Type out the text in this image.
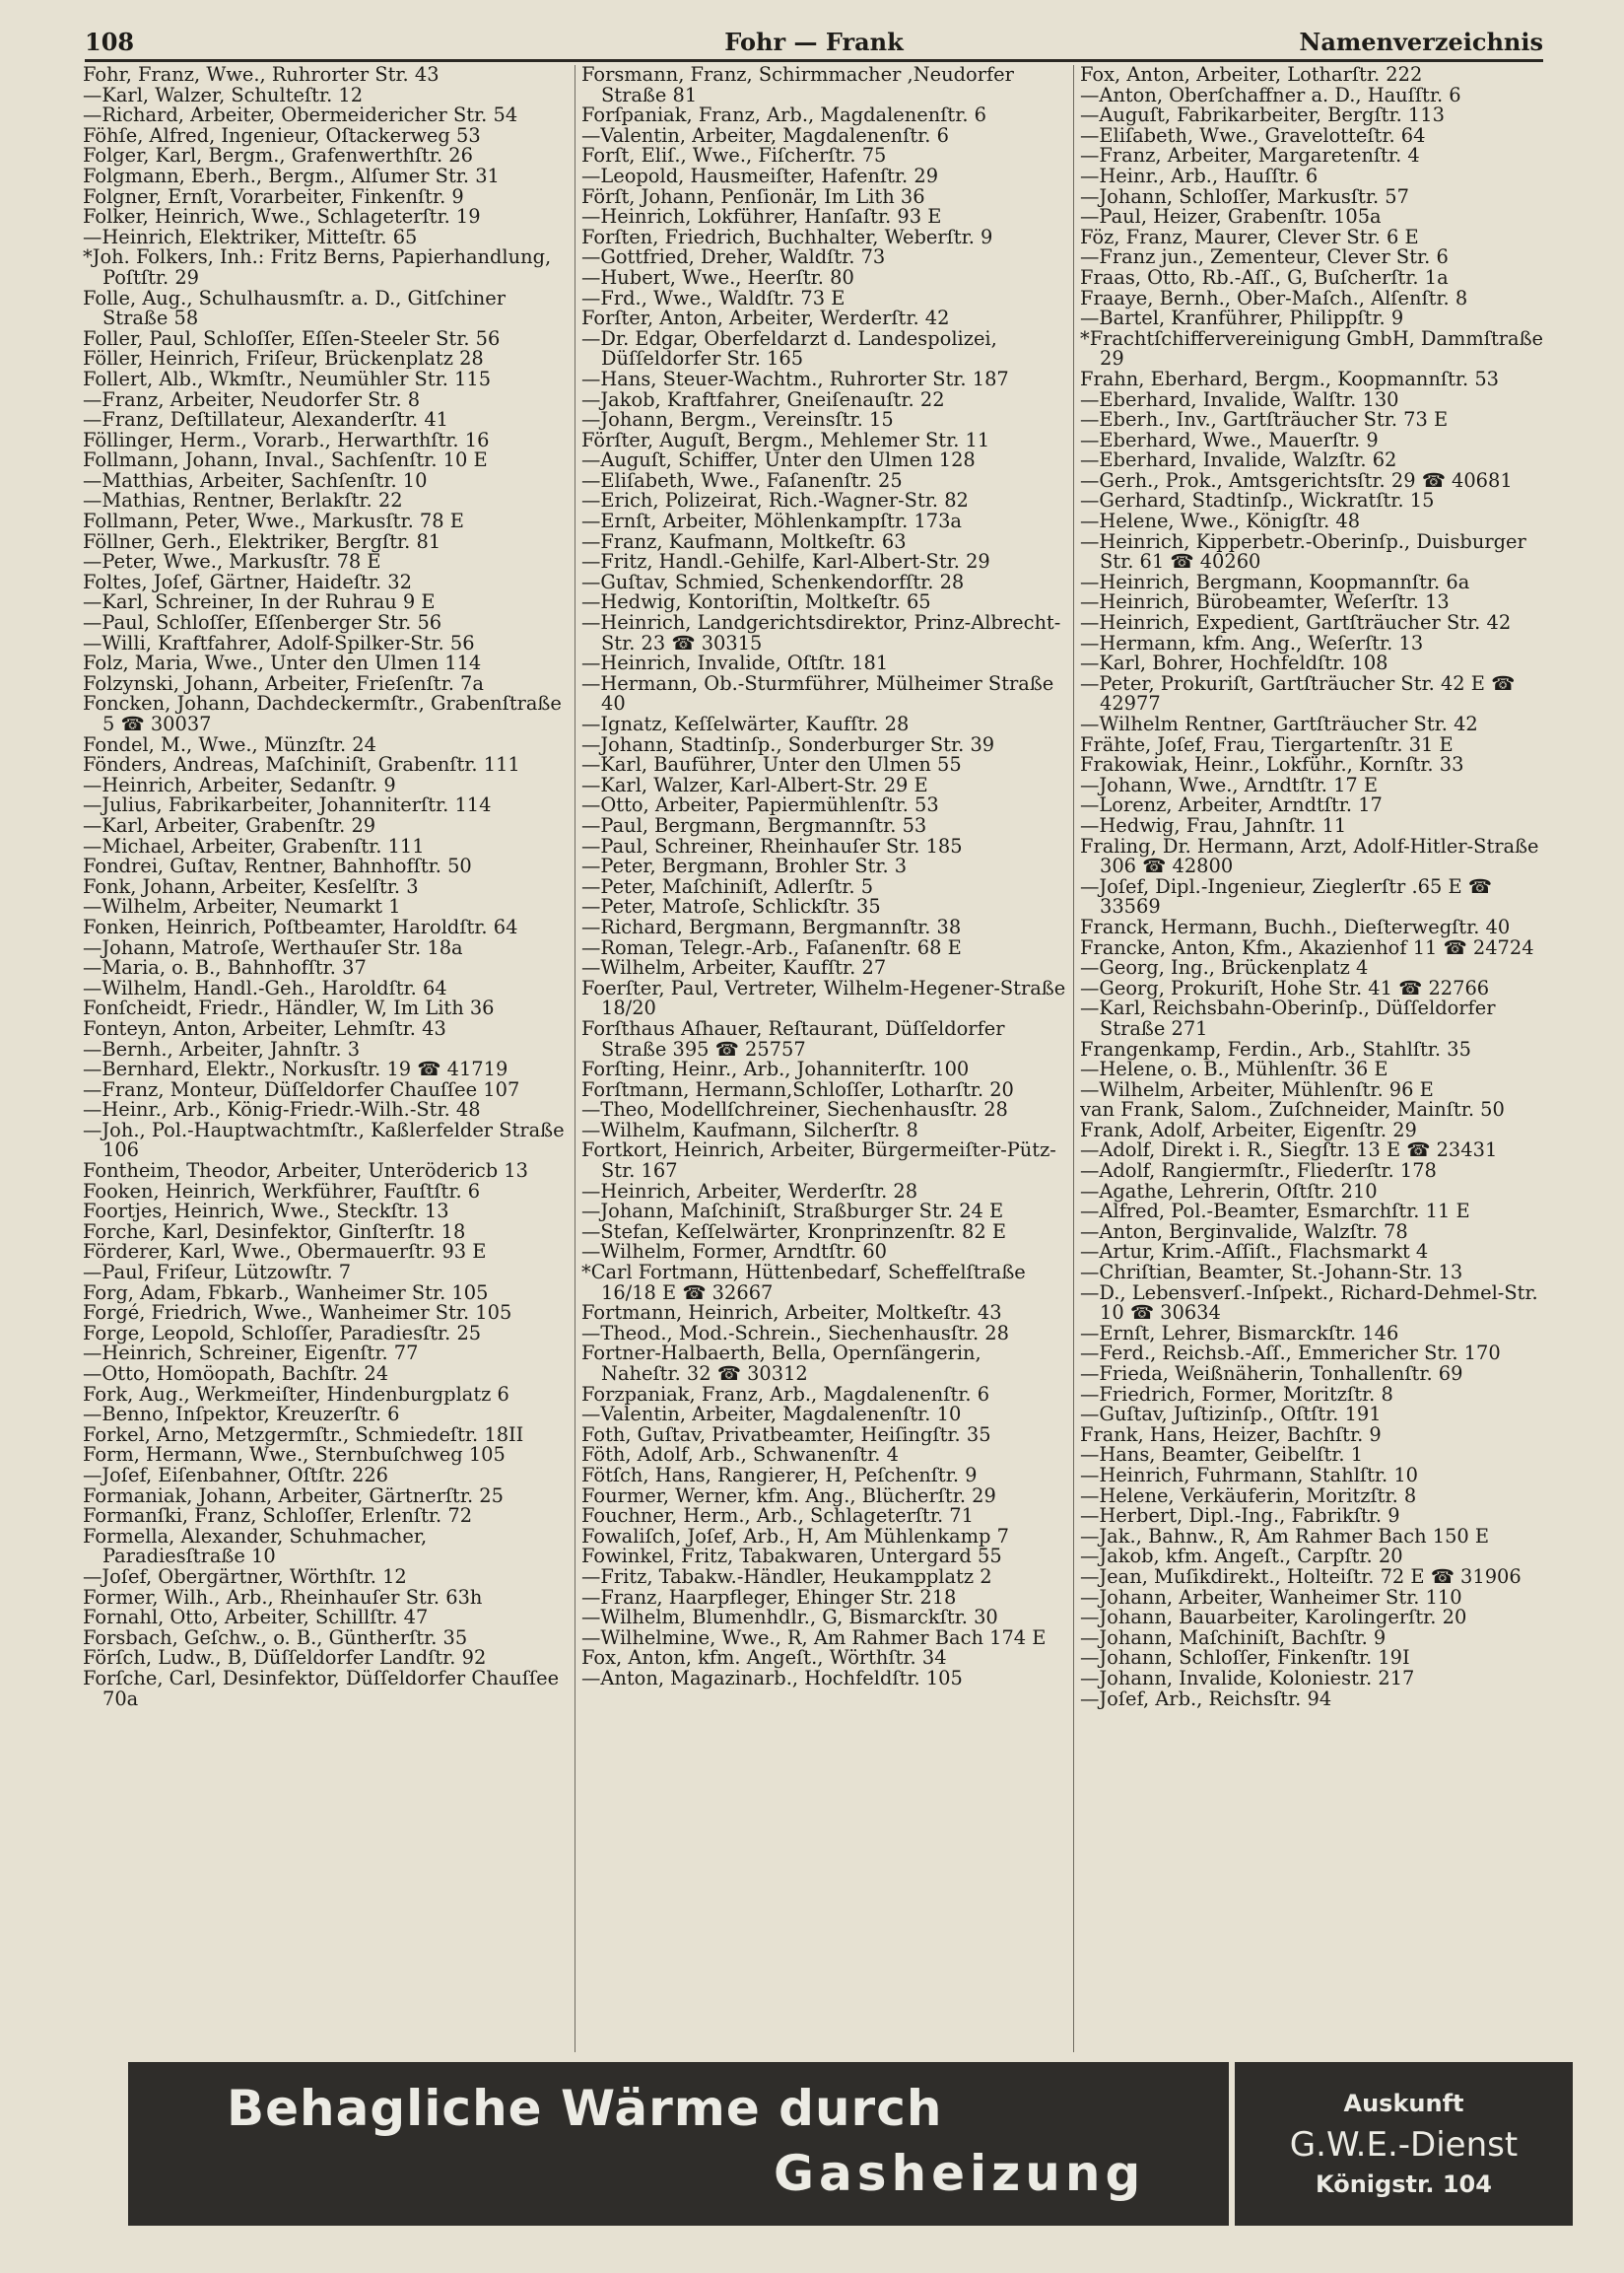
108	Fohr — Frank	Namenverzeichnis
Fohr, Franz, Wwe., Ruhrorter Str. 43
—Karl, Walzer, Schulteſtr. 12
—Richard, Arbeiter, Obermeidericher Str. 54
Föhſe, Alfred, Ingenieur, Oſtackerweg 53
Folger, Karl, Bergm., Grafenwerthſtr. 26
Folgmann, Eberh., Bergm., Alſumer Str. 31
Folgner, Ernſt, Vorarbeiter, Finkenſtr. 9
Folker, Heinrich, Wwe., Schlageterſtr. 19
—Heinrich, Elektriker, Mitteſtr. 65
*Joh. Folkers, Inh.: Fritz Berns, Papierhandlung, Poſtſtr. 29
Folle, Aug., Schulhausmſtr. a. D., Gitſchiner Straße 58
Foller, Paul, Schloſſer, Eſſen-Steeler Str. 56
Föller, Heinrich, Friſeur, Brückenplatz 28
Follert, Alb., Wkmſtr., Neumühler Str. 115
—Franz, Arbeiter, Neudorfer Str. 8
—Franz, Deſtillateur, Alexanderſtr. 41
Föllinger, Herm., Vorarb., Herwarthſtr. 16
Follmann, Johann, Inval., Sachſenſtr. 10 E
—Matthias, Arbeiter, Sachſenſtr. 10
—Mathias, Rentner, Berlakſtr. 22
Follmann, Peter, Wwe., Markusſtr. 78 E
Föllner, Gerh., Elektriker, Bergſtr. 81
—Peter, Wwe., Markusſtr. 78 E
Foltes, Joſef, Gärtner, Haideſtr. 32
—Karl, Schreiner, In der Ruhrau 9 E
—Paul, Schloſſer, Eſſenberger Str. 56
—Willi, Kraftfahrer, Adolf-Spilker-Str. 56
Folz, Maria, Wwe., Unter den Ulmen 114
Folzynski, Johann, Arbeiter, Frieſenſtr. 7a
Foncken, Johann, Dachdeckermſtr., Grabenſtraße 5 ☎ 30037
Fondel, M., Wwe., Münzſtr. 24
Fönders, Andreas, Maſchiniſt, Grabenſtr. 111
—Heinrich, Arbeiter, Sedanſtr. 9
—Julius, Fabrikarbeiter, Johanniterſtr. 114
—Karl, Arbeiter, Grabenſtr. 29
—Michael, Arbeiter, Grabenſtr. 111
Fondrei, Guſtav, Rentner, Bahnhofſtr. 50
Fonk, Johann, Arbeiter, Kesſelſtr. 3
—Wilhelm, Arbeiter, Neumarkt 1
Fonken, Heinrich, Poſtbeamter, Haroldſtr. 64
—Johann, Matroſe, Werthauſer Str. 18a
—Maria, o. B., Bahnhofſtr. 37
—Wilhelm, Handl.-Geh., Haroldſtr. 64
Fonſcheidt, Friedr., Händler, W, Im Lith 36
Fonteyn, Anton, Arbeiter, Lehmſtr. 43
—Bernh., Arbeiter, Jahnſtr. 3
—Bernhard, Elektr., Norkusſtr. 19 ☎ 41719
—Franz, Monteur, Düſſeldorfer Chauſſee 107
—Heinr., Arb., König-Friedr.-Wilh.-Str. 48
—Joh., Pol.-Hauptwachtmſtr., Kaßlerfelder Straße 106
Fontheim, Theodor, Arbeiter, Unterödericb 13
Fooken, Heinrich, Werkführer, Fauſtſtr. 6
Foortjes, Heinrich, Wwe., Steckſtr. 13
Forche, Karl, Desinfektor, Ginſterſtr. 18
Förderer, Karl, Wwe., Obermauerſtr. 93 E
—Paul, Friſeur, Lützowſtr. 7
Forg, Adam, Fbkarb., Wanheimer Str. 105
Forgé, Friedrich, Wwe., Wanheimer Str. 105
Forge, Leopold, Schloſſer, Paradiesſtr. 25
—Heinrich, Schreiner, Eigenſtr. 77
—Otto, Homöopath, Bachſtr. 24
Fork, Aug., Werkmeiſter, Hindenburgplatz 6
—Benno, Inſpektor, Kreuzerſtr. 6
Forkel, Arno, Metzgermſtr., Schmiedeſtr. 18II
Form, Hermann, Wwe., Sternbuſchweg 105
—Joſef, Eiſenbahner, Oſtſtr. 226
Formaniak, Johann, Arbeiter, Gärtnerſtr. 25
Formanſki, Franz, Schloſſer, Erlenſtr. 72
Formella, Alexander, Schuhmacher, Paradiesſtraße 10
—Joſef, Obergärtner, Wörthſtr. 12
Former, Wilh., Arb., Rheinhauſer Str. 63h
Fornahl, Otto, Arbeiter, Schillſtr. 47
Forsbach, Geſchw., o. B., Güntherſtr. 35
Förſch, Ludw., B, Düſſeldorfer Landſtr. 92
Forſche, Carl, Desinfektor, Düſſeldorfer Chauſſee 70a
Forsmann, Franz, Schirmmacher ,Neudorfer Straße 81
Forſpaniak, Franz, Arb., Magdalenenſtr. 6
—Valentin, Arbeiter, Magdalenenſtr. 6
Forſt, Eliſ., Wwe., Fiſcherſtr. 75
—Leopold, Hausmeiſter, Hafenſtr. 29
Förſt, Johann, Penſionär, Im Lith 36
—Heinrich, Lokführer, Hanſaſtr. 93 E
Forſten, Friedrich, Buchhalter, Weberſtr. 9
—Gottfried, Dreher, Waldſtr. 73
—Hubert, Wwe., Heerſtr. 80
—Frd., Wwe., Waldſtr. 73 E
Forſter, Anton, Arbeiter, Werderſtr. 42
—Dr. Edgar, Oberfeldarzt d. Landespolizei, Düſſeldorfer Str. 165
—Hans, Steuer-Wachtm., Ruhrorter Str. 187
—Jakob, Kraftfahrer, Gneiſenauſtr. 22
—Johann, Bergm., Vereinsſtr. 15
Förſter, Auguſt, Bergm., Mehlemer Str. 11
—Auguſt, Schiffer, Unter den Ulmen 128
—Eliſabeth, Wwe., Faſanenſtr. 25
—Erich, Polizeirat, Rich.-Wagner-Str. 82
—Ernſt, Arbeiter, Möhlenkampſtr. 173a
—Franz, Kaufmann, Moltkeſtr. 63
—Fritz, Handl.-Gehilfe, Karl-Albert-Str. 29
—Guſtav, Schmied, Schenkendorfſtr. 28
—Hedwig, Kontoriſtin, Moltkeſtr. 65
—Heinrich, Landgerichtsdirektor, Prinz-Albrecht-Str. 23 ☎ 30315
—Heinrich, Invalide, Oſtſtr. 181
—Hermann, Ob.-Sturmführer, Mülheimer Straße 40
—Ignatz, Keſſelwärter, Kaufſtr. 28
—Johann, Stadtinſp., Sonderburger Str. 39
—Karl, Bauführer, Unter den Ulmen 55
—Karl, Walzer, Karl-Albert-Str. 29 E
—Otto, Arbeiter, Papiermühlenſtr. 53
—Paul, Bergmann, Bergmannſtr. 53
—Paul, Schreiner, Rheinhauſer Str. 185
—Peter, Bergmann, Brohler Str. 3
—Peter, Maſchiniſt, Adlerſtr. 5
—Peter, Matroſe, Schlickſtr. 35
—Richard, Bergmann, Bergmannſtr. 38
—Roman, Telegr.-Arb., Faſanenſtr. 68 E
—Wilhelm, Arbeiter, Kaufſtr. 27
Foerſter, Paul, Vertreter, Wilhelm-Hegener-Straße 18/20
Forſthaus Aſhauer, Reſtaurant, Düſſeldorfer Straße 395 ☎ 25757
Forſting, Heinr., Arb., Johanniterſtr. 100
Forſtmann, Hermann,Schloſſer, Lotharſtr. 20
—Theo, Modellſchreiner, Siechenhausſtr. 28
—Wilhelm, Kaufmann, Silcherſtr. 8
Fortkort, Heinrich, Arbeiter, Bürgermeiſter-Pütz-Str. 167
—Heinrich, Arbeiter, Werderſtr. 28
—Johann, Maſchiniſt, Straßburger Str. 24 E
—Stefan, Keſſelwärter, Kronprinzenſtr. 82 E
—Wilhelm, Former, Arndtſtr. 60
*Carl Fortmann, Hüttenbedarf, Scheffelſtraße 16/18 E ☎ 32667
Fortmann, Heinrich, Arbeiter, Moltkeſtr. 43
—Theod., Mod.-Schrein., Siechenhausſtr. 28
Fortner-Halbaerth, Bella, Opernſängerin, Naheſtr. 32 ☎ 30312
Forzpaniak, Franz, Arb., Magdalenenſtr. 6
—Valentin, Arbeiter, Magdalenenſtr. 10
Foth, Guſtav, Privatbeamter, Heiſingſtr. 35
Föth, Adolf, Arb., Schwanenſtr. 4
Fötſch, Hans, Rangierer, H, Peſchenſtr. 9
Fourmer, Werner, kfm. Ang., Blücherſtr. 29
Fouchner, Herm., Arb., Schlageterſtr. 71
Fowaliſch, Joſef, Arb., H, Am Mühlenkamp 7
Fowinkel, Fritz, Tabakwaren, Untergard 55
—Fritz, Tabakw.-Händler, Heukampplatz 2
—Franz, Haarpfleger, Ehinger Str. 218
—Wilhelm, Blumenhdlr., G, Bismarckſtr. 30
—Wilhelmine, Wwe., R, Am Rahmer Bach 174 E
Fox, Anton, kfm. Angeſt., Wörthſtr. 34
—Anton, Magazinarb., Hochfeldſtr. 105
Fox, Anton, Arbeiter, Lotharſtr. 222
—Anton, Oberſchaffner a. D., Hauſſtr. 6
—Auguſt, Fabrikarbeiter, Bergſtr. 113
—Eliſabeth, Wwe., Gravelotteſtr. 64
—Franz, Arbeiter, Margaretenſtr. 4
—Heinr., Arb., Hauſſtr. 6
—Johann, Schloſſer, Markusſtr. 57
—Paul, Heizer, Grabenſtr. 105a
Föz, Franz, Maurer, Clever Str. 6 E
—Franz jun., Zementeur, Clever Str. 6
Fraas, Otto, Rb.-Aſſ., G, Buſcherſtr. 1a
Fraaye, Bernh., Ober-Maſch., Alſenſtr. 8
—Bartel, Kranführer, Philippſtr. 9
*Frachtſchiffervereinigung GmbH, Dammſtraße 29
Frahn, Eberhard, Bergm., Koopmannſtr. 53
—Eberhard, Invalide, Walſtr. 130
—Eberh., Inv., Gartſträucher Str. 73 E
—Eberhard, Wwe., Mauerſtr. 9
—Eberhard, Invalide, Walzſtr. 62
—Gerh., Prok., Amtsgerichtsſtr. 29 ☎ 40681
—Gerhard, Stadtinſp., Wickratſtr. 15
—Helene, Wwe., Königſtr. 48
—Heinrich, Kipperbetr.-Oberinſp., Duisburger Str. 61 ☎ 40260
—Heinrich, Bergmann, Koopmannſtr. 6a
—Heinrich, Bürobeamter, Weſerſtr. 13
—Heinrich, Expedient, Gartſträucher Str. 42
—Hermann, kfm. Ang., Weſerſtr. 13
—Karl, Bohrer, Hochfeldſtr. 108
—Peter, Prokuriſt, Gartſträucher Str. 42 E ☎ 42977
—Wilhelm Rentner, Gartſträucher Str. 42
Frähte, Joſef, Frau, Tiergartenſtr. 31 E
Frakowiak, Heinr., Lokführ., Kornſtr. 33
—Johann, Wwe., Arndtſtr. 17 E
—Lorenz, Arbeiter, Arndtſtr. 17
—Hedwig, Frau, Jahnſtr. 11
Fraling, Dr. Hermann, Arzt, Adolf-Hitler-Straße 306 ☎ 42800
—Joſef, Dipl.-Ingenieur, Zieglerſtr .65 E ☎ 33569
Franck, Hermann, Buchh., Dieſterwegſtr. 40
Francke, Anton, Kfm., Akazienhof 11 ☎ 24724
—Georg, Ing., Brückenplatz 4
—Georg, Prokuriſt, Hohe Str. 41 ☎ 22766
—Karl, Reichsbahn-Oberinſp., Düſſeldorfer Straße 271
Frangenkamp, Ferdin., Arb., Stahlſtr. 35
—Helene, o. B., Mühlenſtr. 36 E
—Wilhelm, Arbeiter, Mühlenſtr. 96 E
van Frank, Salom., Zuſchneider, Mainſtr. 50
Frank, Adolf, Arbeiter, Eigenſtr. 29
—Adolf, Direkt i. R., Siegſtr. 13 E ☎ 23431
—Adolf, Rangiermſtr., Fliederſtr. 178
—Agathe, Lehrerin, Oſtſtr. 210
—Alfred, Pol.-Beamter, Esmarchſtr. 11 E
—Anton, Berginvalide, Walzſtr. 78
—Artur, Krim.-Aſſiſt., Flachsmarkt 4
—Chriſtian, Beamter, St.-Johann-Str. 13
—D., Lebensverſ.-Inſpekt., Richard-Dehmel-Str. 10 ☎ 30634
—Ernſt, Lehrer, Bismarckſtr. 146
—Ferd., Reichsb.-Aſſ., Emmericher Str. 170
—Frieda, Weißnäherin, Tonhallenſtr. 69
—Friedrich, Former, Moritzſtr. 8
—Guſtav, Juſtizinſp., Oſtſtr. 191
Frank, Hans, Heizer, Bachſtr. 9
—Hans, Beamter, Geibelſtr. 1
—Heinrich, Fuhrmann, Stahlſtr. 10
—Helene, Verkäuferin, Moritzſtr. 8
—Herbert, Dipl.-Ing., Fabrikſtr. 9
—Jak., Bahnw., R, Am Rahmer Bach 150 E
—Jakob, kfm. Angeſt., Carpſtr. 20
—Jean, Muſikdirekt., Holteiſtr. 72 E ☎ 31906
—Johann, Arbeiter, Wanheimer Str. 110
—Johann, Bauarbeiter, Karolingerſtr. 20
—Johann, Maſchiniſt, Bachſtr. 9
—Johann, Schloſſer, Finkenſtr. 19I
—Johann, Invalide, Koloniestr. 217
—Joſef, Arb., Reichsſtr. 94
Behagliche Wärme durch
Gasheizung
Auskunft
G.W.E.-Dienst
Königstr. 104
